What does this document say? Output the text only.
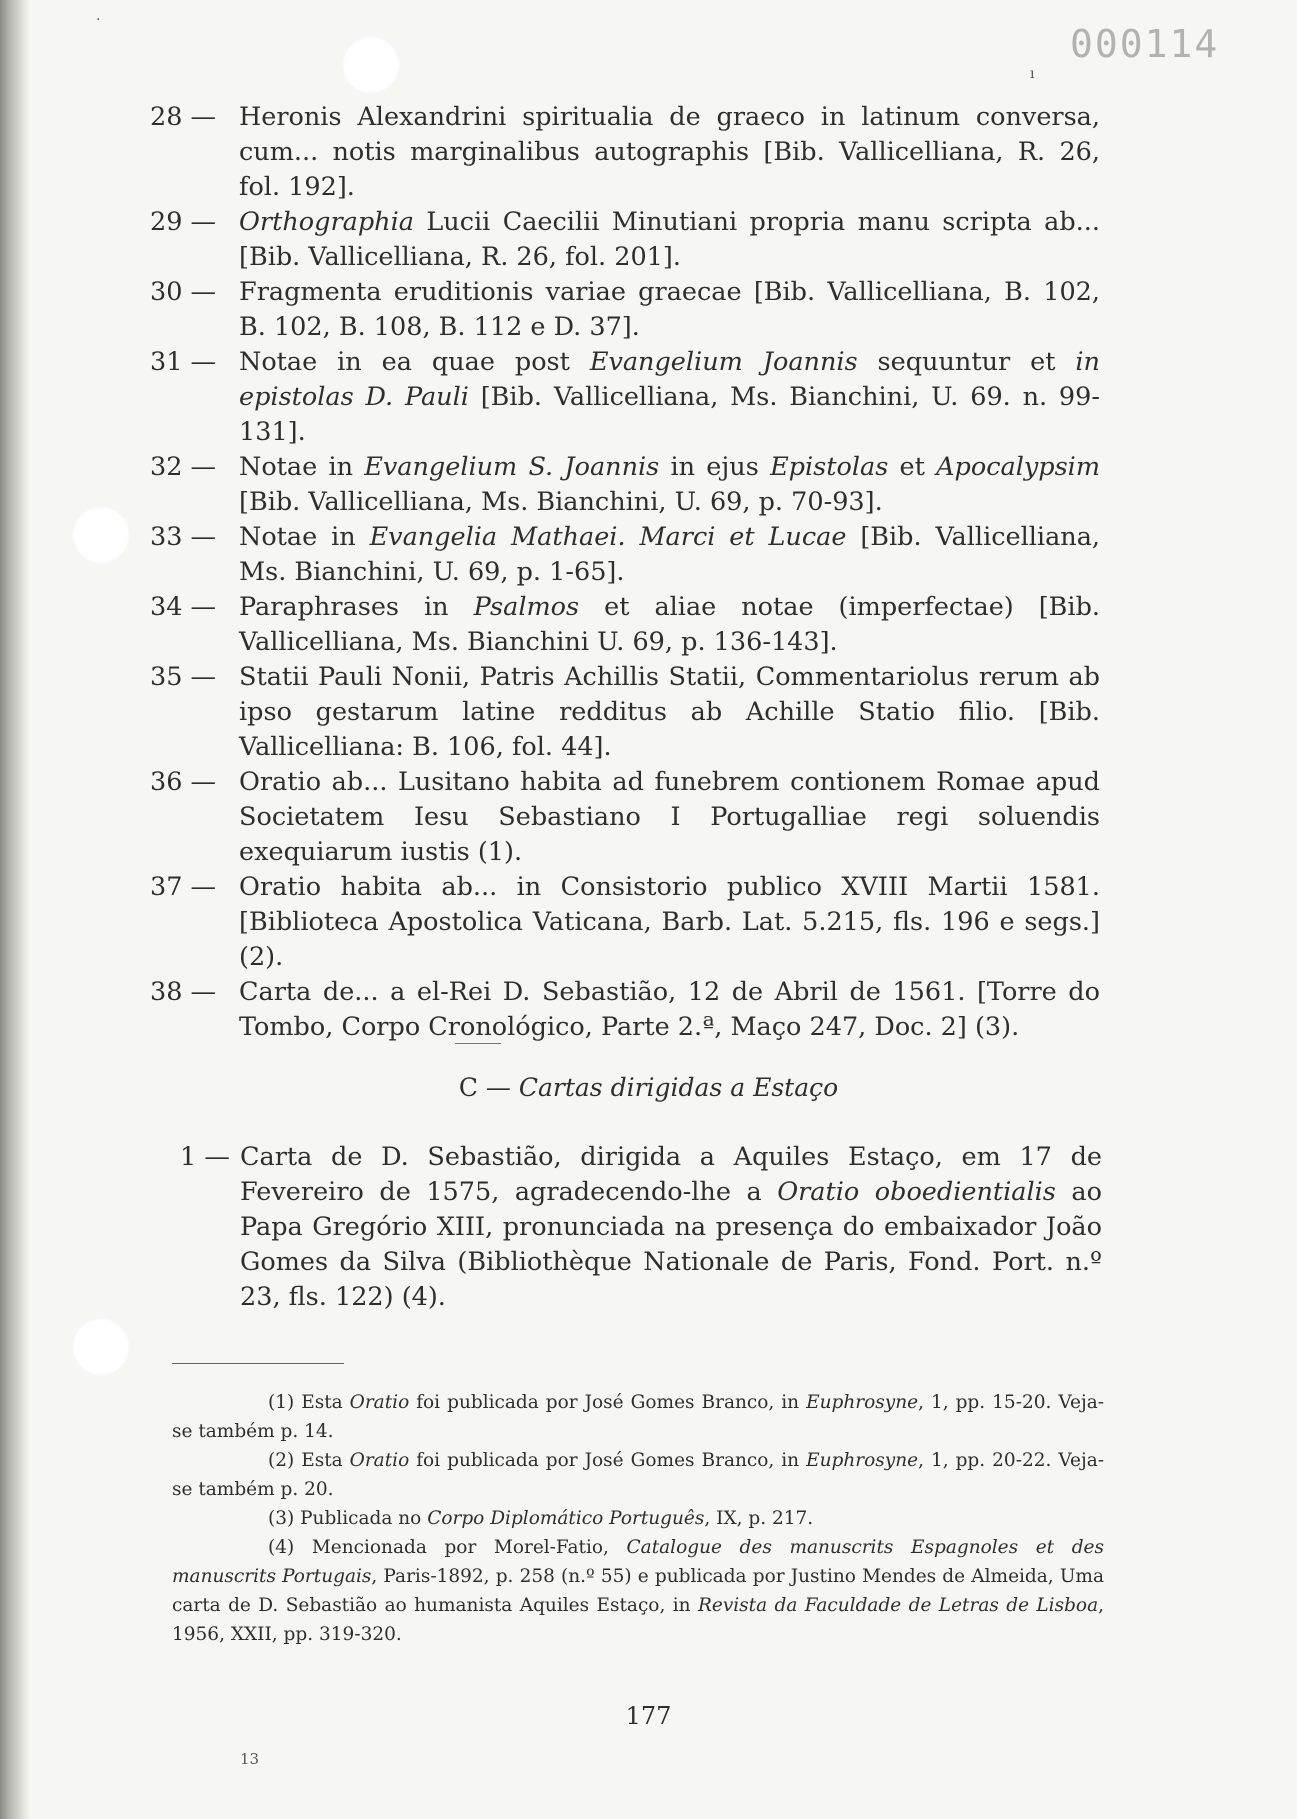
000114
ı
·
28 — Heronis Alexandrini spiritualia de graeco in latinum conversa, cum... notis marginalibus autographis [Bib. Vallicelliana, R. 26, fol. 192].
29 — Orthographia Lucii Caecilii Minutiani propria manu scripta ab... [Bib. Vallicelliana, R. 26, fol. 201].
30 — Fragmenta eruditionis variae graecae [Bib. Vallicelliana, B. 102, B. 102, B. 108, B. 112 e D. 37].
31 — Notae in ea quae post Evangelium Joannis sequuntur et in epistolas D. Pauli [Bib. Vallicelliana, Ms. Bianchini, U. 69. n. 99-131].
32 — Notae in Evangelium S. Joannis in ejus Epistolas et Apocalypsim [Bib. Vallicelliana, Ms. Bianchini, U. 69, p. 70-93].
33 — Notae in Evangelia Mathaei. Marci et Lucae [Bib. Vallicelliana, Ms. Bianchini, U. 69, p. 1-65].
34 — Paraphrases in Psalmos et aliae notae (imperfectae) [Bib. Vallicelliana, Ms. Bianchini U. 69, p. 136-143].
35 — Statii Pauli Nonii, Patris Achillis Statii, Commentariolus rerum ab ipso gestarum latine redditus ab Achille Statio filio. [Bib. Vallicelliana: B. 106, fol. 44].
36 — Oratio ab... Lusitano habita ad funebrem contionem Romae apud Societatem Iesu Sebastiano I Portugalliae regi soluendis exequiarum iustis (1).
37 — Oratio habita ab... in Consistorio publico XVIII Martii 1581. [Biblioteca Apostolica Vaticana, Barb. Lat. 5.215, fls. 196 e segs.] (2).
38 — Carta de... a el-Rei D. Sebastião, 12 de Abril de 1561. [Torre do Tombo, Corpo Cronológico, Parte 2.ª, Maço 247, Doc. 2] (3).
C — Cartas dirigidas a Estaço
1 — Carta de D. Sebastião, dirigida a Aquiles Estaço, em 17 de Fevereiro de 1575, agradecendo-lhe a Oratio oboedientialis ao Papa Gregório XIII, pronunciada na presença do embaixador João Gomes da Silva (Bibliothèque Nationale de Paris, Fond. Port. n.º 23, fls. 122) (4).
(1) Esta Oratio foi publicada por José Gomes Branco, in Euphrosyne, 1, pp. 15-20. Veja-se também p. 14.
(2) Esta Oratio foi publicada por José Gomes Branco, in Euphrosyne, 1, pp. 20-22. Veja-se também p. 20.
(3) Publicada no Corpo Diplomático Português, IX, p. 217.
(4) Mencionada por Morel-Fatio, Catalogue des manuscrits Espagnoles et des manuscrits Portugais, Paris-1892, p. 258 (n.º 55) e publicada por Justino Mendes de Almeida, Uma carta de D. Sebastião ao humanista Aquiles Estaço, in Revista da Faculdade de Letras de Lisboa, 1956, XXII, pp. 319-320.
177
13
